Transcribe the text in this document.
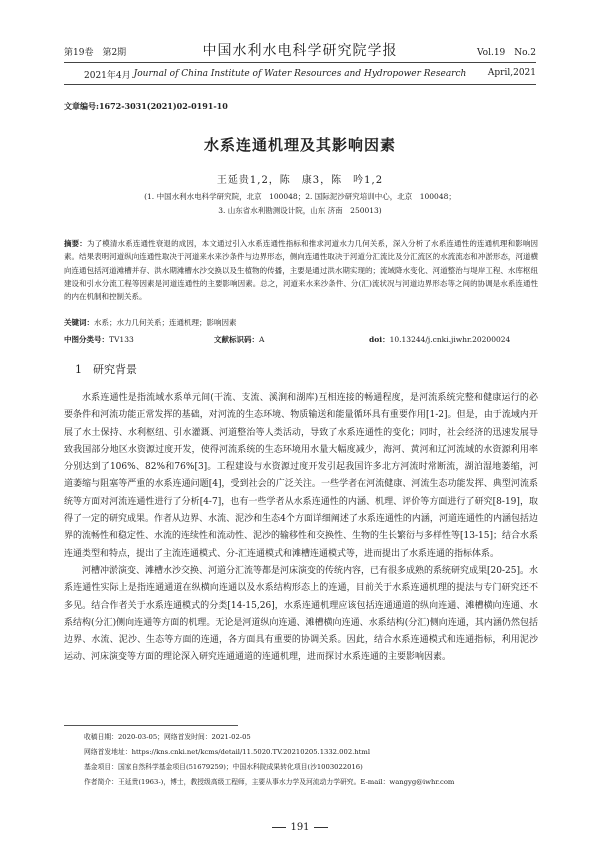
第19卷　第2期	中国水利水电科学研究院学报	Vol.19　No.2
2021年4月 Journal of China Institute of Water Resources and Hydropower Research	April,2021
文章编号:1672-3031(2021)02-0191-10
水系连通机理及其影响因素
王延贵1,2，陈　康3，陈　吟1,2
(1. 中国水利水电科学研究院，北京　100048；2. 国际泥沙研究培训中心，北京　100048；
3. 山东省水利勘测设计院，山东 济南　250013)
摘要：为了模清水系连通性衰退的成因，本文通过引入水系连通性指标和推求河道水力几何关系，深入分析了水系连通性的连通机理和影响因素。结果表明河道纵向连通性取决于河道来水来沙条件与边界形态，侧向连通性取决于河道分汇流比及分汇流区的水流流态和冲淤形态，河道横向连通包括河道滩槽并存、洪水期滩槽水沙交换以及生植物的传播，主要是通过洪水期实现的；流域降水变化、河道整治与堤岸工程、水库枢纽建设和引水分流工程等因素是河道连通性的主要影响因素。总之，河道来水来沙条件、分(汇)流状况与河道边界形态等之间的协调是水系连通性的内在机制和控制关系。
关键词：水系；水力几何关系；连通机理；影响因素
中图分类号：TV133	文献标识码：A	doi：10.13244/j.cnki.jiwhr.20200024
1　研究背景

水系连通性是指流域水系单元间(干流、支流、溪涧和湖库)互相连接的畅通程度，是河流系统完整和健康运行的必要条件和河流功能正常发挥的基础，对河流的生态环境、物质输送和能量循环具有重要作用[1-2]。但是，由于流域内开展了水土保持、水利枢纽、引水灌溉、河道整治等人类活动，导致了水系连通性的变化；同时，社会经济的迅速发展导致我国部分地区水资源过度开发，使得河流系统的生态环境用水量大幅度减少，海河、黄河和辽河流域的水资源利用率分别达到了106%、82%和76%[3]。工程建设与水资源过度开发引起我国许多北方河流时常断流，湖泊湿地萎缩，河道萎缩与阻塞等严重的水系连通问题[4]，受到社会的广泛关注。一些学者在河流健康、河流生态功能发挥、典型河流系统等方面对河流连通性进行了分析[4-7]，也有一些学者从水系连通性的内涵、机理、评价等方面进行了研究[8-19]，取得了一定的研究成果。作者从边界、水流、泥沙和生态4个方面详细阐述了水系连通性的内涵，河道连通性的内涵包括边界的流畅性和稳定性、水流的连续性和流动性、泥沙的输移性和交换性、生物的生长繁衍与多样性等[13-15]；结合水系连通类型和特点，提出了主流连通模式、分-汇连通模式和滩槽连通模式等，进而提出了水系连通的指标体系。

河槽冲淤演变、滩槽水沙交换、河道分汇流等都是河床演变的传统内容，已有很多成熟的系统研究成果[20-25]。水系连通性实际上是指连通通道在纵横向连通以及水系结构形态上的连通，目前关于水系连通机理的提法与专门研究还不多见。结合作者关于水系连通模式的分类[14-15,26]，水系连通机理应该包括连通通道的纵向连通、滩槽横向连通、水系结构(分汇)侧向连通等方面的机理。无论是河道纵向连通、滩槽横向连通、水系结构(分汇)侧向连通，其内涵仍然包括边界、水流、泥沙、生态等方面的连通，各方面具有重要的协调关系。因此，结合水系连通模式和连通指标，利用泥沙运动、河床演变等方面的理论深入研究连通通道的连通机理，进而探讨水系连通的主要影响因素。

收稿日期：2020-03-05；网络首发时间：2021-02-05
网络首发地址：https://kns.cnki.net/kcms/detail/11.5020.TV.20210205.1332.002.html
基金项目：国家自然科学基金项目(51679259)；中国水科院成果转化项目(沙1003022016)
作者简介：王延贵(1963-)，博士，教授级高级工程师，主要从事水力学及河流动力学研究。E-mail：wangyg@iwhr.com
191
